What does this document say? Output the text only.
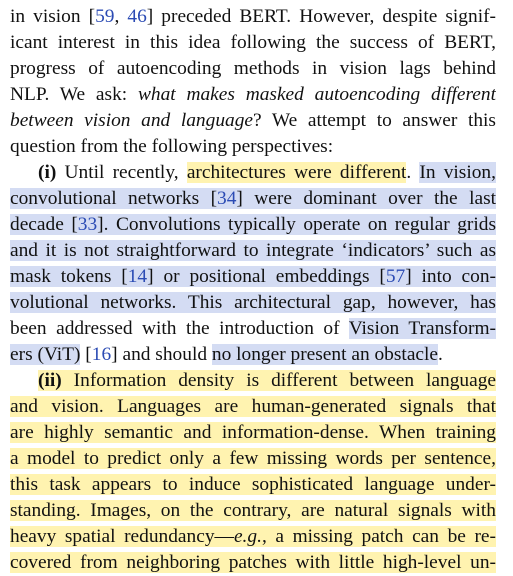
in vision [59, 46] preceded BERT. However, despite signif-
icant interest in this idea following the success of BERT,
progress of autoencoding methods in vision lags behind
NLP. We ask: what makes masked autoencoding different
between vision and language? We attempt to answer this
question from the following perspectives:
(i) Until recently, architectures were different. In vision,
convolutional networks [34] were dominant over the last
decade [33]. Convolutions typically operate on regular grids
and it is not straightforward to integrate ‘indicators’ such as
mask tokens [14] or positional embeddings [57] into con-
volutional networks. This architectural gap, however, has
been addressed with the introduction of Vision Transform-
ers (ViT) [16] and should no longer present an obstacle.
(ii) Information density is different between language
and vision. Languages are human-generated signals that
are highly semantic and information-dense. When training
a model to predict only a few missing words per sentence,
this task appears to induce sophisticated language under-
standing. Images, on the contrary, are natural signals with
heavy spatial redundancy—e.g., a missing patch can be re-
covered from neighboring patches with little high-level un-
